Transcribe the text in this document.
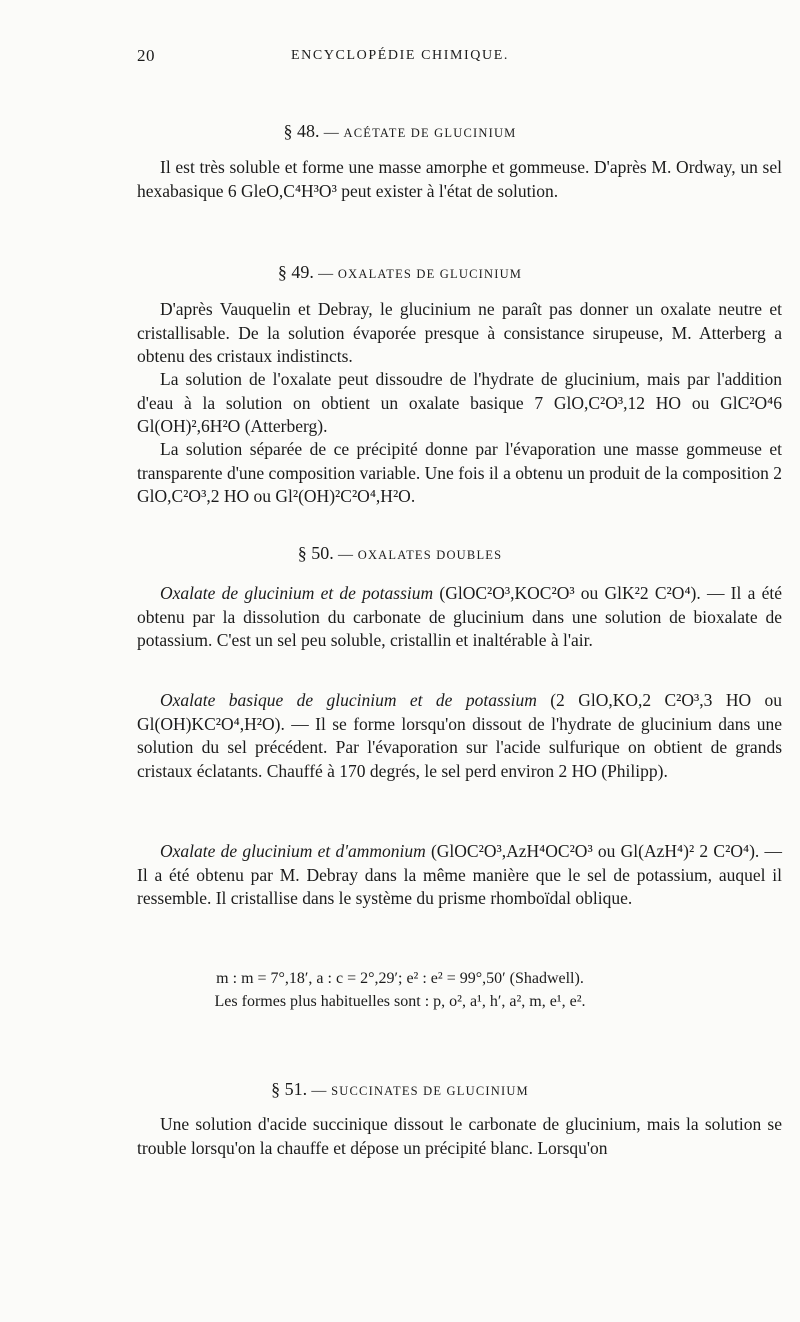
20	ENCYCLOPÉDIE CHIMIQUE.
§ 48. — ACÉTATE DE GLUCINIUM

Il est très soluble et forme une masse amorphe et gommeuse. D'après M. Ordway, un sel hexabasique 6 GleO,C⁴H³O³ peut exister à l'état de solution.

§ 49. — OXALATES DE GLUCINIUM

D'après Vauquelin et Debray, le glucinium ne paraît pas donner un oxalate neutre et cristallisable. De la solution évaporée presque à consistance sirupeuse, M. Atterberg a obtenu des cristaux indistincts.

La solution de l'oxalate peut dissoudre de l'hydrate de glucinium, mais par l'addition d'eau à la solution on obtient un oxalate basique 7 GlO,C²O³,12 HO ou GlC²O⁴6 Gl(OH)²,6H²O (Atterberg).

La solution séparée de ce précipité donne par l'évaporation une masse gommeuse et transparente d'une composition variable. Une fois il a obtenu un produit de la composition 2 GlO,C²O³,2 HO ou Gl²(OH)²C²O⁴,H²O.

§ 50. — OXALATES DOUBLES

Oxalate de glucinium et de potassium (GlOC²O³,KOC²O³ ou GlK²2 C²O⁴). — Il a été obtenu par la dissolution du carbonate de glucinium dans une solution de bioxalate de potassium. C'est un sel peu soluble, cristallin et inaltérable à l'air.

Oxalate basique de glucinium et de potassium (2 GlO,KO,2 C²O³,3 HO ou Gl(OH)KC²O⁴,H²O). — Il se forme lorsqu'on dissout de l'hydrate de glucinium dans une solution du sel précédent. Par l'évaporation sur l'acide sulfurique on obtient de grands cristaux éclatants. Chauffé à 170 degrés, le sel perd environ 2 HO (Philipp).

Oxalate de glucinium et d'ammonium (GlOC²O³,AzH⁴OC²O³ ou Gl(AzH⁴)² 2 C²O⁴). — Il a été obtenu par M. Debray dans la même manière que le sel de potassium, auquel il ressemble. Il cristallise dans le système du prisme rhomboïdal oblique.

m : m = 7°,18′, a : c = 2°,29′; e² : e² = 99°,50′ (Shadwell).
Les formes plus habituelles sont : p, o², a¹, h′, a², m, e¹, e².
§ 51. — SUCCINATES DE GLUCINIUM

Une solution d'acide succinique dissout le carbonate de glucinium, mais la solution se trouble lorsqu'on la chauffe et dépose un précipité blanc. Lorsqu'on
